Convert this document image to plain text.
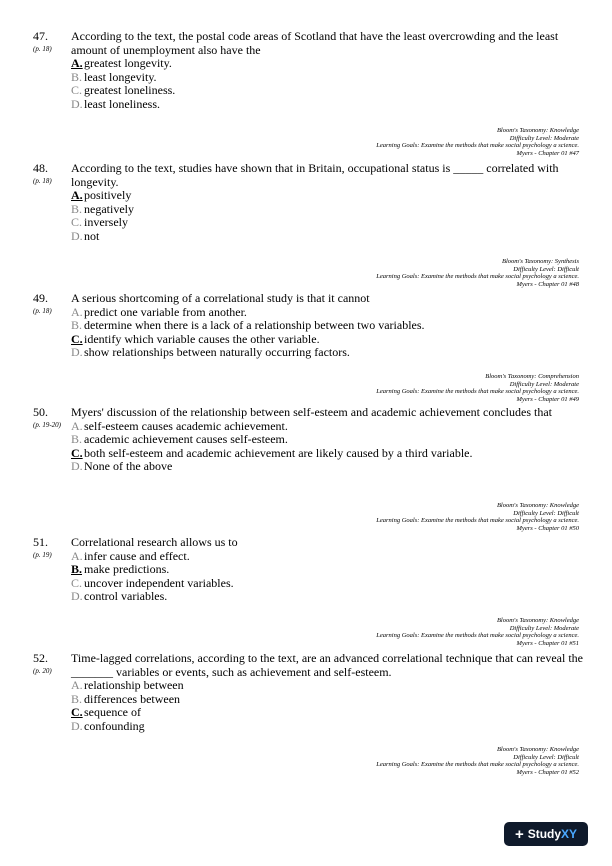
47.	According to the text, the postal code areas of Scotland that have the least overcrowding and the least amount of unemployment also have the
(p. 18)
A. greatest longevity.
B. least longevity.
C. greatest loneliness.
D. least loneliness.
Bloom's Taxonomy: Knowledge
Difficulty Level: Moderate
Learning Goals: Examine the methods that make social psychology a science.
Myers - Chapter 01 #47
48.	According to the text, studies have shown that in Britain, occupational status is _____ correlated with longevity.
(p. 18)
A. positively
B. negatively
C. inversely
D. not
Bloom's Taxonomy: Synthesis
Difficulty Level: Difficult
Learning Goals: Examine the methods that make social psychology a science.
Myers - Chapter 01 #48
49.	A serious shortcoming of a correlational study is that it cannot
(p. 18) A. predict one variable from another.
B. determine when there is a lack of a relationship between two variables.
C. identify which variable causes the other variable.
D. show relationships between naturally occurring factors.
Bloom's Taxonomy: Comprehension
Difficulty Level: Moderate
Learning Goals: Examine the methods that make social psychology a science.
Myers - Chapter 01 #49
50.	Myers' discussion of the relationship between self-esteem and academic achievement concludes that
(p. 19-20) A. self-esteem causes academic achievement.
B. academic achievement causes self-esteem.
C. both self-esteem and academic achievement are likely caused by a third variable.
D. None of the above
Bloom's Taxonomy: Knowledge
Difficulty Level: Difficult
Learning Goals: Examine the methods that make social psychology a science.
Myers - Chapter 01 #50
51.	Correlational research allows us to
(p. 19) A. infer cause and effect.
B. make predictions.
C. uncover independent variables.
D. control variables.
Bloom's Taxonomy: Knowledge
Difficulty Level: Moderate
Learning Goals: Examine the methods that make social psychology a science.
Myers - Chapter 01 #51
52.	Time-lagged correlations, according to the text, are an advanced correlational technique that can reveal the _______ variables or events, such as achievement and self-esteem.
(p. 20)
A. relationship between
B. differences between
C. sequence of
D. confounding
Bloom's Taxonomy: Knowledge
Difficulty Level: Difficult
Learning Goals: Examine the methods that make social psychology a science.
Myers - Chapter 01 #52
+ Study XY
